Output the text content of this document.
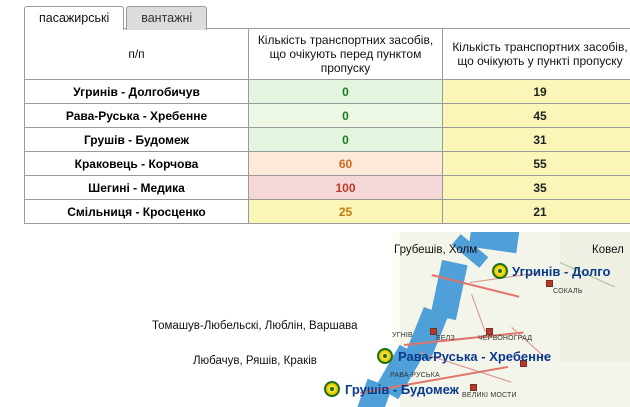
пасажирські	вантажні
п/п	Кількість транспортних засобів, що очікують перед пунктом пропуску	Кількість транспортних засобів, що очікують у пункті пропуску
Угринів - Долгобичув	0	19
Рава-Руська - Хребенне	0	45
Грушів - Будомеж	0	31
Краковець - Корчова	60	55
Шегині - Медика	100	35
Смільниця - Кросценко	25	21
Грубешів, Холм	Ковел
Томашув-Любельскі, Люблін, Варшава
Любачув, Ряшів, Краків
СОКАЛЬ
УГНІВ	БЕЛЗ	ЧЕРВОНОГРАД
РАВА-РУСЬКА
ВЕЛИКІ МОСТИ
Угринів - Долго
Рава-Руська - Хребенне
Грушів - Будомеж
